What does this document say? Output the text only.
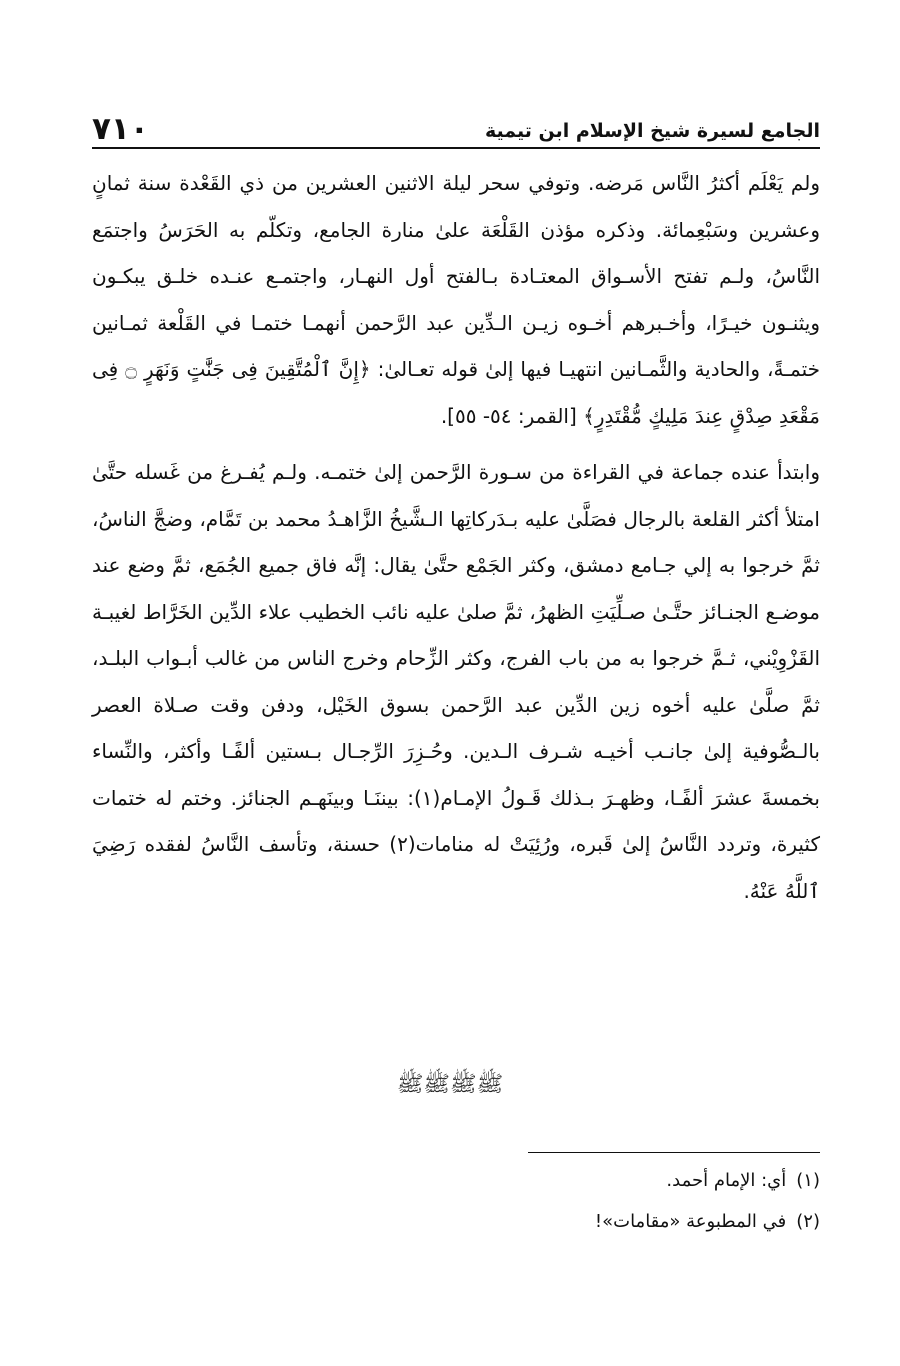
الجامع لسيرة شيخ الإسلام ابن تيمية
٧١٠

ولم يَعْلَم أكثرُ النَّاس مَرضه. وتوفي سحر ليلة الاثنين العشرين من ذي القَعْدة سنة ثمانٍ وعشرين وسَبْعِمائة. وذكره مؤذن القَلْعَة علىٰ منارة الجامع، وتكلّم به الحَرَسُ واجتمَع النَّاسُ، ولـم تفتح الأسـواق المعتـادة بـالفتح أول النهـار، واجتمـع عنـده خلـق يبكـون ويثنـون خيـرًا، وأخـبرهم أخـوه زيـن الـدِّين عبد الرَّحمن أنهمـا ختمـا في القَلْعة ثمـانين ختمـةً، والحادية والثَّمـانين انتهيـا فيها إلىٰ قوله تعـالىٰ: ﴿إِنَّ ٱلْمُتَّقِينَ فِى جَنَّٰتٍ وَنَهَرٍ ۝ فِى مَقْعَدِ صِدْقٍ عِندَ مَلِيكٍ مُّقْتَدِرٍ﴾ [القمر: ٥٤- ٥٥].

وابتدأ عنده جماعة في القراءة من سـورة الرَّحمن إلىٰ ختمـه. ولـم يُفـرغ من غَسله حتَّىٰ امتلأ أكثر القلعة بالرجال فصَلَّىٰ عليه بـدَركاتِها الـشَّيخُ الزَّاهـدُ محمد بن تَمَّام، وضجَّ الناسُ، ثمَّ خرجوا به إلي جـامع دمشق، وكثر الجَمْع حتَّىٰ يقال: إنَّه فاق جميع الجُمَع، ثمَّ وضع عند موضـع الجنـائز حتَّـىٰ صـلِّيَتِ الظهرُ، ثمَّ صلىٰ عليه نائب الخطيب علاء الدِّين الخَرَّاط لغيبـة القَزْوِيْني، ثـمَّ خرجوا به من باب الفرج، وكثر الزِّحام وخرج الناس من غالب أبـواب البلـد، ثمَّ صلَّىٰ عليه أخوه زين الدِّين عبد الرَّحمن بسوق الخَيْل، ودفن وقت صـلاة العصر بالـصُّوفية إلىٰ جانـب أخيـه شـرف الـدين. وحُـزِرَ الرِّجـال بـستين ألفًـا وأكثر، والنِّساء بخمسةَ عشرَ ألفًـا، وظهـرَ بـذلك قَـولُ الإمـام(١): بيننَـا وبينَهـم الجنائز. وختم له ختمات كثيرة، وتردد النَّاسُ إلىٰ قَبره، ورُئِيَتْ له منامات(٢) حسنة، وتأسف النَّاسُ لفقده رَضِيَ ٱللَّهُ عَنْهُ.

ﷺﷺﷺﷺ
(١)
أي: الإمام أحمد.
(٢)
في المطبوعة «مقامات»!
